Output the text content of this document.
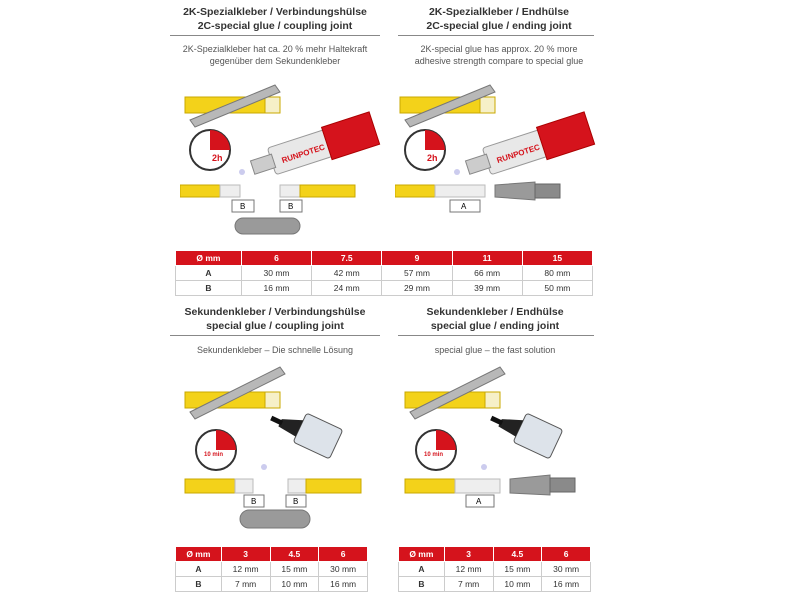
2K-Spezialkleber / Verbindungshülse
2C-special glue / coupling joint
2K-Spezialkleber hat ca. 20 % mehr Haltekraft
gegenüber dem Sekundenkleber
2h	RUNPOTEC
B	B
2K-Spezialkleber / Endhülse
2C-special glue / ending joint
2K-special glue has approx. 20 % more
adhesive strength compare to special glue
2h	RUNPOTEC
A
Ø mm	6	7.5	9	11	15
A	30 mm	42 mm	57 mm	66 mm	80 mm
B	16 mm	24 mm	29 mm	39 mm	50 mm
Sekundenkleber / Verbindungshülse
special glue / coupling joint
Sekundenkleber – Die schnelle Lösung
10 min
B	B
Sekundenkleber / Endhülse
special glue / ending joint
special glue – the fast solution
10 min
A
Ø mm	3	4.5	6
A	12 mm	15 mm	30 mm
B	7 mm	10 mm	16 mm
Ø mm	3	4.5	6
A	12 mm	15 mm	30 mm
B	7 mm	10 mm	16 mm
